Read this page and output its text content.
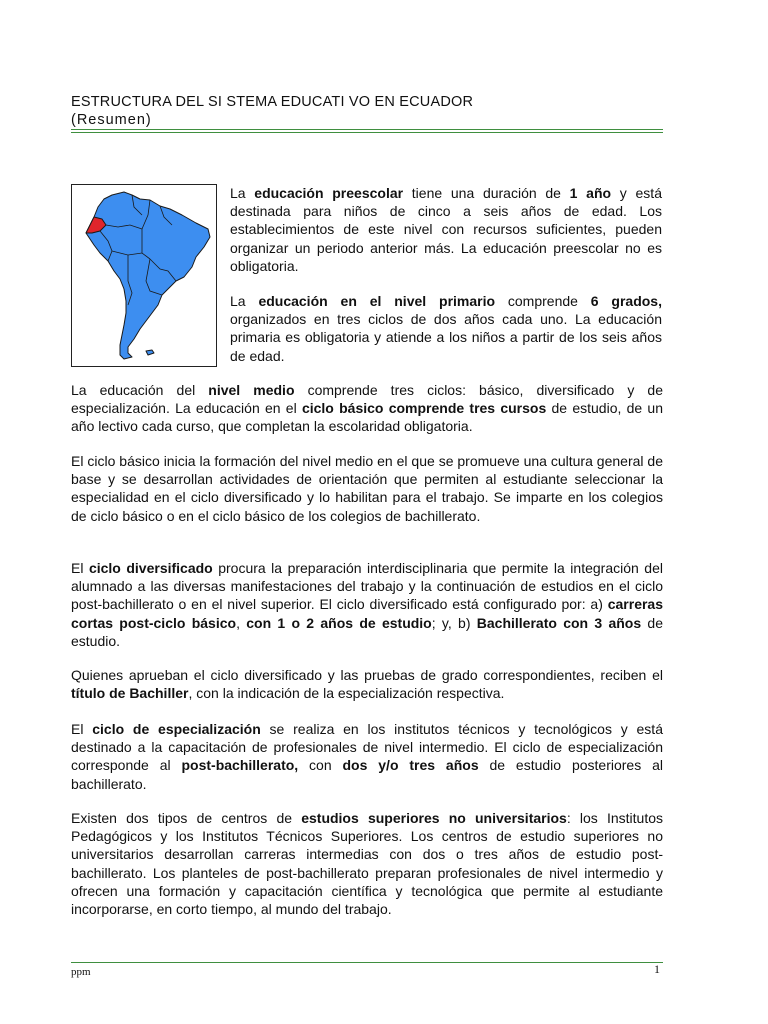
ESTRUCTURA DEL SI STEMA EDUCATI VO EN ECUADOR
(Resumen)

La educación preescolar tiene una duración de 1 año y está destinada para niños de cinco a seis años de edad. Los establecimientos de este nivel con recursos suficientes, pueden organizar un periodo anterior más. La educación preescolar no es obligatoria.

La educación en el nivel primario comprende 6 grados, organizados en tres ciclos de dos años cada uno. La educación primaria es obligatoria y atiende a los niños a partir de los seis años de edad.

La educación del nivel medio comprende tres ciclos: básico, diversificado y de especialización. La educación en el ciclo básico comprende tres cursos de estudio, de un año lectivo cada curso, que completan la escolaridad obligatoria.

El ciclo básico inicia la formación del nivel medio en el que se promueve una cultura general de base y se desarrollan actividades de orientación que permiten al estudiante seleccionar la especialidad en el ciclo diversificado y lo habilitan para el trabajo. Se imparte en los colegios de ciclo básico o en el ciclo básico de los colegios de bachillerato.

El ciclo diversificado procura la preparación interdisciplinaria que permite la integración del alumnado a las diversas manifestaciones del trabajo y la continuación de estudios en el ciclo post-bachillerato o en el nivel superior. El ciclo diversificado está configurado por: a) carreras cortas post-ciclo básico, con 1 o 2 años de estudio; y, b) Bachillerato con 3 años de estudio.

Quienes aprueban el ciclo diversificado y las pruebas de grado correspondientes, reciben el título de Bachiller, con la indicación de la especialización respectiva.

El ciclo de especialización se realiza en los institutos técnicos y tecnológicos y está destinado a la capacitación de profesionales de nivel intermedio. El ciclo de especialización corresponde al post-bachillerato, con dos y/o tres años de estudio posteriores al bachillerato.

Existen dos tipos de centros de estudios superiores no universitarios: los Institutos Pedagógicos y los Institutos Técnicos Superiores. Los centros de estudio superiores no universitarios desarrollan carreras intermedias con dos o tres años de estudio post-bachillerato. Los planteles de post-bachillerato preparan profesionales de nivel intermedio y ofrecen una formación y capacitación científica y tecnológica que permite al estudiante incorporarse, en corto tiempo, al mundo del trabajo.

ppm	1
